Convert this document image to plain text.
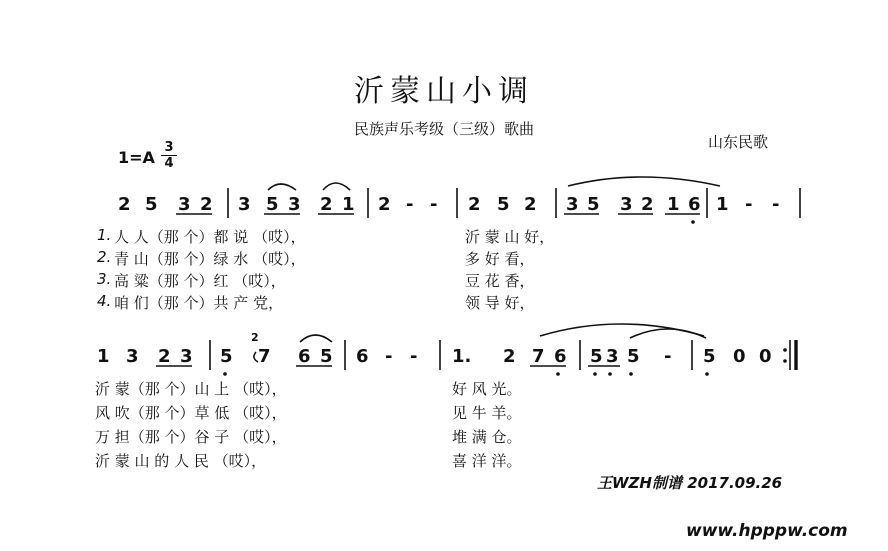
沂蒙山小调
民族声乐考级（三级）歌曲
山东民歌
1=A
3
4
2 5 3 2 3 5 3 2 1 2 - - 2 5 2 3 5 3 2 1 6 1 - -
1. 人 人（那 个）都 说 （哎），	沂 蒙 山 好，
2. 青 山（那 个）绿 水 （哎），	多 好 看，
3. 高 粱（那 个）红 （哎），	豆 花 香，
4. 咱 们（那 个）共 产 党，	领 导 好，
1 3 2 3 5 7 6 5 6 - - 1. 2 7 6 5 3 5 - 5 0 0
2
沂 蒙（那 个）山 上 （哎），	好 风 光。
风 吹（那 个）草 低 （哎），	见 牛 羊。
万 担（那 个）谷 子 （哎），	堆 满 仓。
沂 蒙 山 的 人 民 （哎），	喜 洋 洋。
王WZH制谱 2017.09.26
www.hpppw.com
